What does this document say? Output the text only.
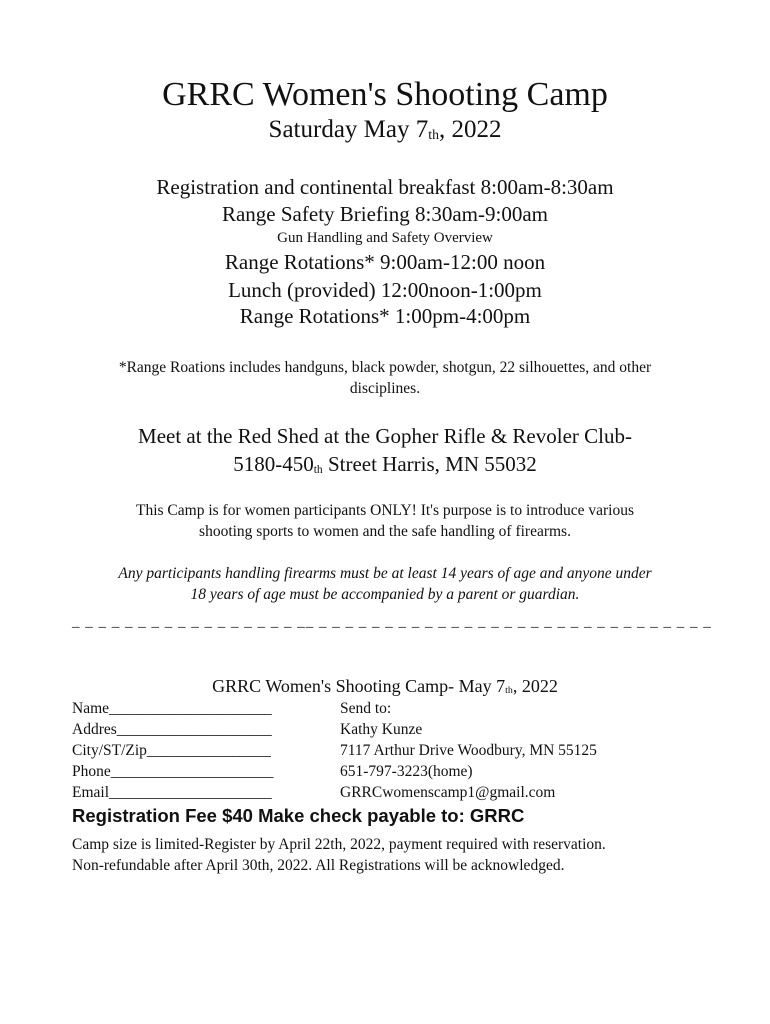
GRRC Women's Shooting Camp
Saturday May $7_{th}$, 2022
Registration and continental breakfast 8:00am-8:30am
Range Safety Briefing 8:30am-9:00am
Gun Handling and Safety Overview
Range Rotations* 9:00am-12:00 noon
Lunch (provided) 12:00noon-1:00pm
Range Rotations* 1:00pm-4:00pm
*Range Roations includes handguns, black powder, shotgun, 22 silhouettes, and other
disciplines.
Meet at the Red Shed at the Gopher Rifle & Revoler Club-
$5180-450_{th}$ Street Harris, MN 55032
This Camp is for women participants ONLY! It's purpose is to introduce various
shooting sports to women and the safe handling of firearms.
Any participants handling firearms must be at least 14 years of age and anyone under
18 years of age must be accompanied by a parent or guardian.
_ _ _ _ _ _ _ _ _ _ _ _ _ _ _ _ _ __ _ _ _ _ _ _ _ _ _ _ _ _ _ _ _ _ _ _ _ _ _ _ _ _ _ _ _ _ _ _
GRRC Women's Shooting Camp- May $7_{th}$, 2022
Name_____________________
Addres____________________
City/ST/Zip________________
Phone_____________________
Email_____________________
Send to:
Kathy Kunze
7117 Arthur Drive Woodbury, MN 55125
651-797-3223(home)
GRRCwomenscamp1@gmail.com
Registration Fee $40 Make check payable to: GRRC
Camp size is limited-Register by April 22th, 2022, payment required with reservation.
Non-refundable after April 30th, 2022. All Registrations will be acknowledged.
